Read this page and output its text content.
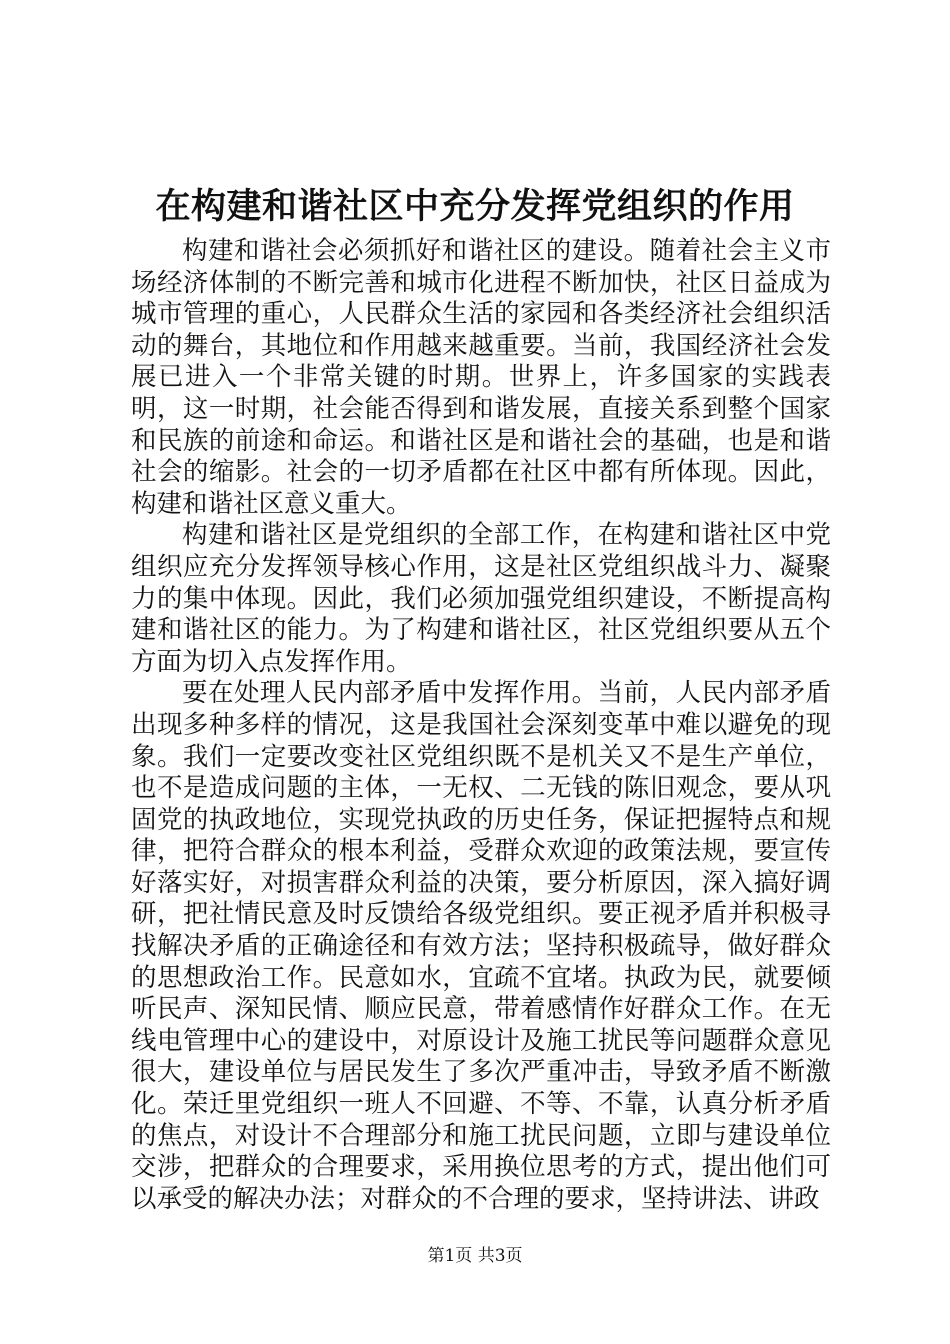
在构建和谐社区中充分发挥党组织的作用

构建和谐社会必须抓好和谐社区的建设。随着社会主义市场经济体制的不断完善和城市化进程不断加快，社区日益成为城市管理的重心，人民群众生活的家园和各类经济社会组织活动的舞台，其地位和作用越来越重要。当前，我国经济社会发展已进入一个非常关键的时期。世界上，许多国家的实践表明，这一时期，社会能否得到和谐发展，直接关系到整个国家和民族的前途和命运。和谐社区是和谐社会的基础，也是和谐社会的缩影。社会的一切矛盾都在社区中都有所体现。因此，构建和谐社区意义重大。

构建和谐社区是党组织的全部工作，在构建和谐社区中党组织应充分发挥领导核心作用，这是社区党组织战斗力、凝聚力的集中体现。因此，我们必须加强党组织建设，不断提高构建和谐社区的能力。为了构建和谐社区，社区党组织要从五个方面为切入点发挥作用。

要在处理人民内部矛盾中发挥作用。当前，人民内部矛盾出现多种多样的情况，这是我国社会深刻变革中难以避免的现象。我们一定要改变社区党组织既不是机关又不是生产单位，也不是造成问题的主体，一无权、二无钱的陈旧观念，要从巩固党的执政地位，实现党执政的历史任务，保证把握特点和规律，把符合群众的根本利益，受群众欢迎的政策法规，要宣传好落实好，对损害群众利益的决策，要分析原因，深入搞好调研，把社情民意及时反馈给各级党组织。要正视矛盾并积极寻找解决矛盾的正确途径和有效方法；坚持积极疏导，做好群众的思想政治工作。民意如水，宜疏不宜堵。执政为民，就要倾听民声、深知民情、顺应民意，带着感情作好群众工作。在无线电管理中心的建设中，对原设计及施工扰民等问题群众意见很大，建设单位与居民发生了多次严重冲击，导致矛盾不断激化。荣迁里党组织一班人不回避、不等、不靠，认真分析矛盾的焦点，对设计不合理部分和施工扰民问题，立即与建设单位交涉，把群众的合理要求，采用换位思考的方式，提出他们可以承受的解决办法；对群众的不合理的要求，坚持讲法、讲政

第1页 共3页
